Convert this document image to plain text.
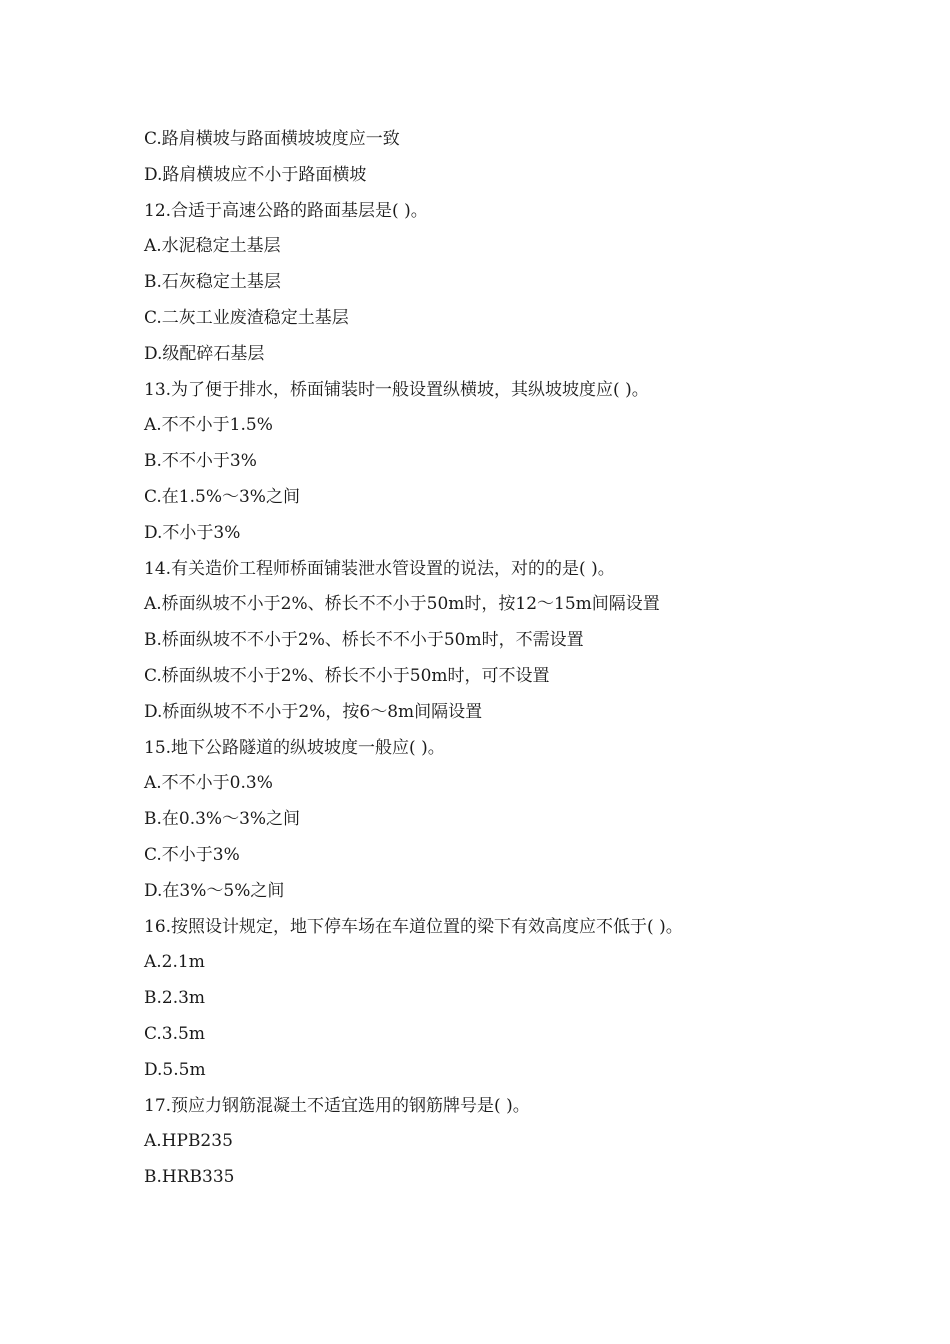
C.路肩横坡与路面横坡坡度应一致
D.路肩横坡应不小于路面横坡
12.合适于高速公路的路面基层是( )。
A.水泥稳定土基层
B.石灰稳定土基层
C.二灰工业废渣稳定土基层
D.级配碎石基层
13.为了便于排水，桥面铺装时一般设置纵横坡，其纵坡坡度应( )。
A.不不小于1.5%
B.不不小于3%
C.在1.5%～3%之间
D.不小于3%
14.有关造价工程师桥面铺装泄水管设置的说法，对的的是( )。
A.桥面纵坡不小于2%、桥长不不小于50m时，按12～15m间隔设置
B.桥面纵坡不不小于2%、桥长不不小于50m时，不需设置
C.桥面纵坡不小于2%、桥长不小于50m时，可不设置
D.桥面纵坡不不小于2%，按6～8m间隔设置
15.地下公路隧道的纵坡坡度一般应( )。
A.不不小于0.3%
B.在0.3%～3%之间
C.不小于3%
D.在3%～5%之间
16.按照设计规定，地下停车场在车道位置的梁下有效高度应不低于( )。
A.2.1m
B.2.3m
C.3.5m
D.5.5m
17.预应力钢筋混凝土不适宜选用的钢筋牌号是( )。
A.HPB235
B.HRB335
